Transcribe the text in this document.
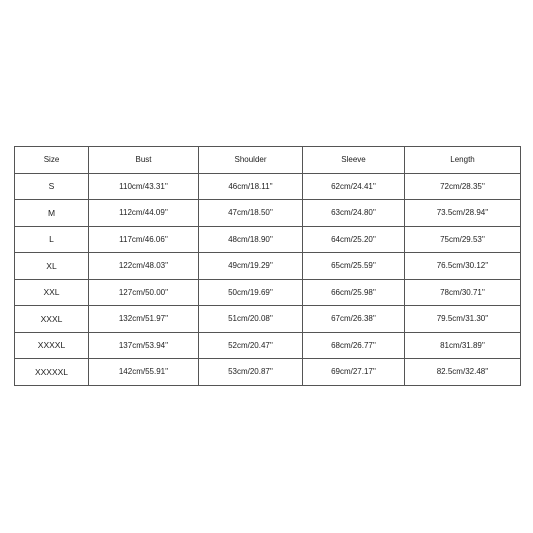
Size	Bust	Shoulder	Sleeve	Length
S	110cm/43.31''	46cm/18.11''	62cm/24.41''	72cm/28.35''
M	112cm/44.09''	47cm/18.50''	63cm/24.80''	73.5cm/28.94''
L	117cm/46.06''	48cm/18.90''	64cm/25.20''	75cm/29.53''
XL	122cm/48.03''	49cm/19.29''	65cm/25.59''	76.5cm/30.12''
XXL	127cm/50.00''	50cm/19.69''	66cm/25.98''	78cm/30.71''
XXXL	132cm/51.97''	51cm/20.08''	67cm/26.38''	79.5cm/31.30''
XXXXL	137cm/53.94''	52cm/20.47''	68cm/26.77''	81cm/31.89''
XXXXXL	142cm/55.91''	53cm/20.87''	69cm/27.17''	82.5cm/32.48''
